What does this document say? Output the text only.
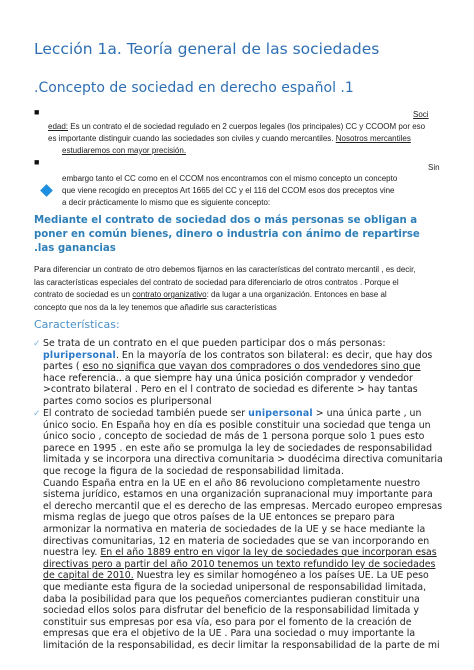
Lección 1a. Teoría general de las sociedades
.Concepto de sociedad en derecho español .1
■	Soci
edad: Es un contrato el de sociedad regulado en 2 cuerpos legales (los principales) CC y CCOOM por eso
es importante distinguir cuando las sociedades son civiles y cuando mercantiles. Nosotros mercantiles
estudiaremos con mayor precisión.
■
Sin
embargo tanto el CC como en el CCOM nos encontramos con el mismo concepto un concepto
que viene recogido en preceptos Art 1665 del CC y el 116 del CCOM esos dos preceptos vine
a decir prácticamente lo mismo que es siguiente concepto:
Mediante el contrato de sociedad dos o más personas se obligan a
poner en común bienes, dinero o industria con ánimo de repartirse
.las ganancias
Para diferenciar un contrato de otro debemos fijarnos en las características del contrato mercantil , es decir,
las características especiales del contrato de sociedad para diferenciarlo de otros contratos . Porque el
contrato de sociedad es un contrato organizativo: da lugar a una organización. Entonces en base al
concepto que nos da la ley tenemos que añadirle sus características
Características:
✓ Se trata de un contrato en el que pueden participar dos o más personas:
pluripersonal. En la mayoría de los contratos son bilateral: es decir, que hay dos
partes ( eso no significa que vayan dos compradores o dos vendedores sino que
hace referencia.. a que siempre hay una única posición comprador y vendedor
>contrato bilateral . Pero en el l contrato de sociedad es diferente > hay tantas
partes como socios es pluripersonal
✓ El contrato de sociedad también puede ser unipersonal > una única parte , un
único socio. En España hoy en día es posible constituir una sociedad que tenga un
único socio , concepto de sociedad de más de 1 persona porque solo 1 pues esto
parece en 1995 . en este año se promulga la ley de sociedades de responsabilidad
limitada y se incorpora una directiva comunitaria > duodécima directiva comunitaria
que recoge la figura de la sociedad de responsabilidad limitada.
Cuando España entra en la UE en el año 86 revoluciono completamente nuestro
sistema jurídico, estamos en una organización supranacional muy importante para
el derecho mercantil que el es derecho de las empresas. Mercado europeo empresas
misma reglas de juego que otros países de la UE entonces se preparo para
armonizar la normativa en materia de sociedades de la UE y se hace mediante la
directivas comunitarias, 12 en materia de sociedades que se van incorporando en
nuestra ley. En el año 1889 entro en vigor la ley de sociedades que incorporan esas
directivas pero a partir del año 2010 tenemos un texto refundido ley de sociedades
de capital de 2010. Nuestra ley es similar homogéneo a los países UE. La UE peso
que mediante esta figura de la sociedad unipersonal de responsabilidad limitada,
daba la posibilidad para que los pequeños comerciantes pudieran constituir una
sociedad ellos solos para disfrutar del beneficio de la responsabilidad limitada y
constituir sus empresas por esa vía, eso para por el fomento de la creación de
empresas que era el objetivo de la UE . Para una sociedad o muy importante la
limitación de la responsabilidad, es decir limitar la responsabilidad de la parte de mi
